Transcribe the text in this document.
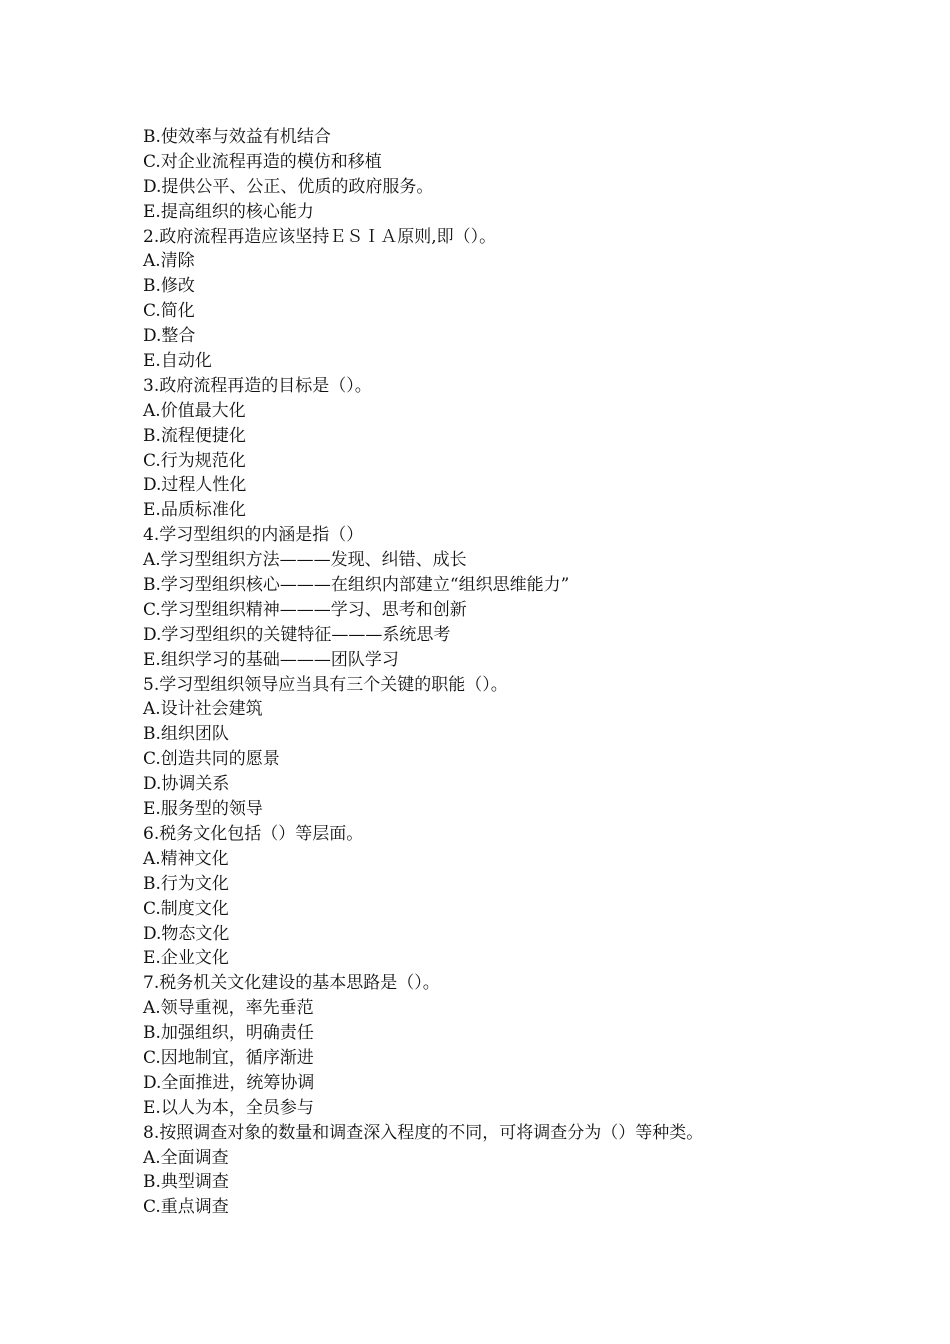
B.使效率与效益有机结合
C.对企业流程再造的模仿和移植
D.提供公平、公正、优质的政府服务。
E.提高组织的核心能力
2.政府流程再造应该坚持ＥＳＩＡ原则,即（）。
A.清除
B.修改
C.简化
D.整合
E.自动化
3.政府流程再造的目标是（）。
A.价值最大化
B.流程便捷化
C.行为规范化
D.过程人性化
E.品质标准化
4.学习型组织的内涵是指（）
A.学习型组织方法———发现、纠错、成长
B.学习型组织核心———在组织内部建立“组织思维能力”
C.学习型组织精神———学习、思考和创新
D.学习型组织的关键特征———系统思考
E.组织学习的基础———团队学习
5.学习型组织领导应当具有三个关键的职能（）。
A.设计社会建筑
B.组织团队
C.创造共同的愿景
D.协调关系
E.服务型的领导
6.税务文化包括（）等层面。
A.精神文化
B.行为文化
C.制度文化
D.物态文化
E.企业文化
7.税务机关文化建设的基本思路是（）。
A.领导重视，率先垂范
B.加强组织，明确责任
C.因地制宜，循序渐进
D.全面推进，统筹协调
E.以人为本，全员参与
8.按照调查对象的数量和调查深入程度的不同，可将调查分为（）等种类。
A.全面调查
B.典型调查
C.重点调查
